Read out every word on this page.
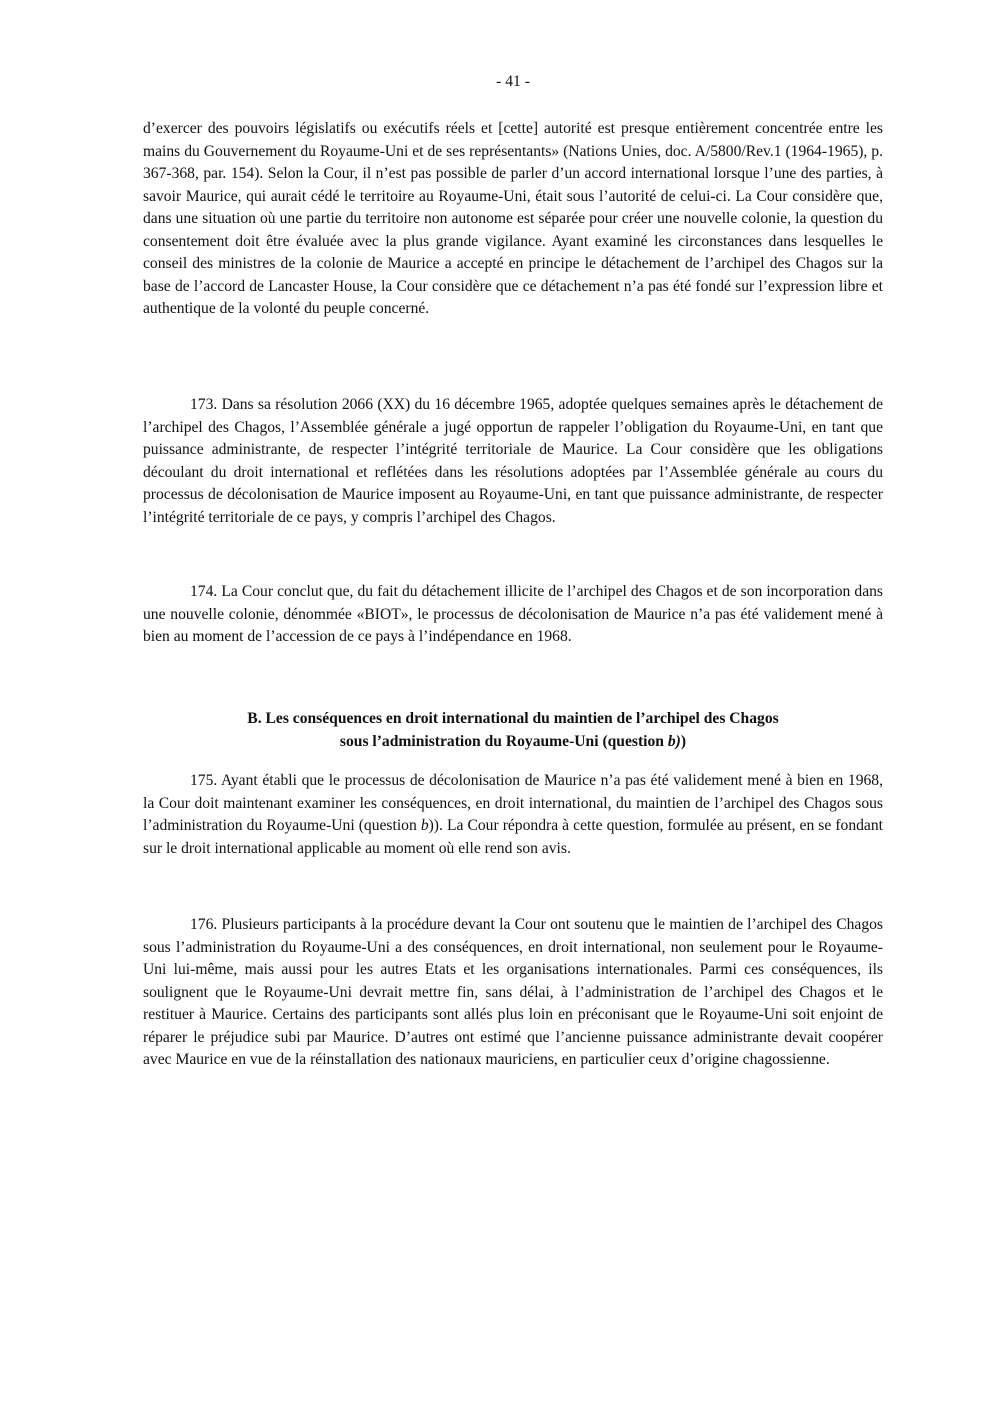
- 41 -

d’exercer des pouvoirs législatifs ou exécutifs réels et [cette] autorité est presque entièrement concentrée entre les mains du Gouvernement du Royaume-Uni et de ses représentants» (Nations Unies, doc. A/5800/Rev.1 (1964-1965), p. 367-368, par. 154). Selon la Cour, il n’est pas possible de parler d’un accord international lorsque l’une des parties, à savoir Maurice, qui aurait cédé le territoire au Royaume-Uni, était sous l’autorité de celui-ci. La Cour considère que, dans une situation où une partie du territoire non autonome est séparée pour créer une nouvelle colonie, la question du consentement doit être évaluée avec la plus grande vigilance. Ayant examiné les circonstances dans lesquelles le conseil des ministres de la colonie de Maurice a accepté en principe le détachement de l’archipel des Chagos sur la base de l’accord de Lancaster House, la Cour considère que ce détachement n’a pas été fondé sur l’expression libre et authentique de la volonté du peuple concerné.

173. Dans sa résolution 2066 (XX) du 16 décembre 1965, adoptée quelques semaines après le détachement de l’archipel des Chagos, l’Assemblée générale a jugé opportun de rappeler l’obligation du Royaume-Uni, en tant que puissance administrante, de respecter l’intégrité territoriale de Maurice. La Cour considère que les obligations découlant du droit international et reflétées dans les résolutions adoptées par l’Assemblée générale au cours du processus de décolonisation de Maurice imposent au Royaume-Uni, en tant que puissance administrante, de respecter l’intégrité territoriale de ce pays, y compris l’archipel des Chagos.

174. La Cour conclut que, du fait du détachement illicite de l’archipel des Chagos et de son incorporation dans une nouvelle colonie, dénommée «BIOT», le processus de décolonisation de Maurice n’a pas été validement mené à bien au moment de l’accession de ce pays à l’indépendance en 1968.

B. Les conséquences en droit international du maintien de l’archipel des Chagos
sous l’administration du Royaume-Uni (question b))

175. Ayant établi que le processus de décolonisation de Maurice n’a pas été validement mené à bien en 1968, la Cour doit maintenant examiner les conséquences, en droit international, du maintien de l’archipel des Chagos sous l’administration du Royaume-Uni (question b)). La Cour répondra à cette question, formulée au présent, en se fondant sur le droit international applicable au moment où elle rend son avis.

176. Plusieurs participants à la procédure devant la Cour ont soutenu que le maintien de l’archipel des Chagos sous l’administration du Royaume-Uni a des conséquences, en droit international, non seulement pour le Royaume-Uni lui-même, mais aussi pour les autres Etats et les organisations internationales. Parmi ces conséquences, ils soulignent que le Royaume-Uni devrait mettre fin, sans délai, à l’administration de l’archipel des Chagos et le restituer à Maurice. Certains des participants sont allés plus loin en préconisant que le Royaume-Uni soit enjoint de réparer le préjudice subi par Maurice. D’autres ont estimé que l’ancienne puissance administrante devait coopérer avec Maurice en vue de la réinstallation des nationaux mauriciens, en particulier ceux d’origine chagossienne.
